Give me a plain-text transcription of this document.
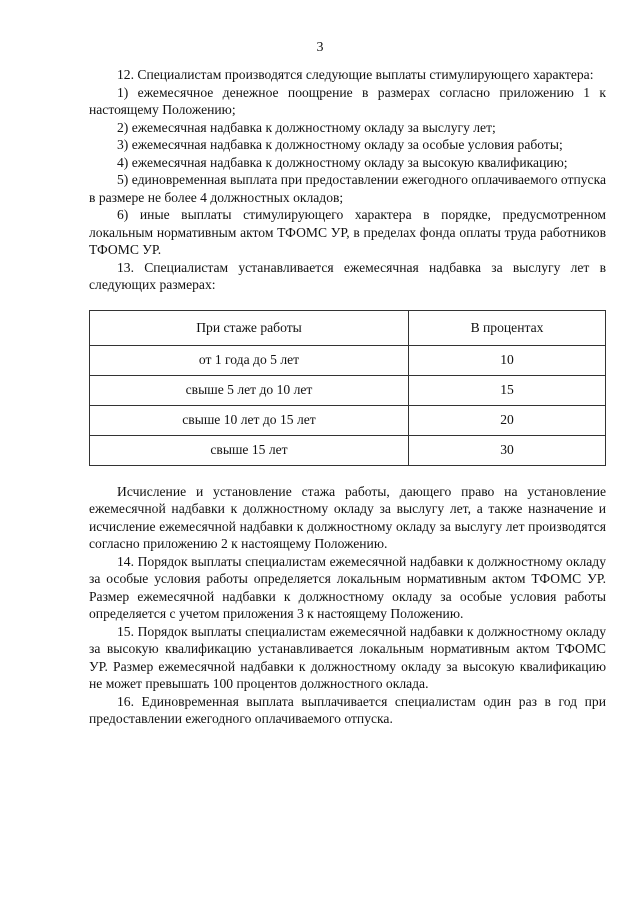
3

12. Специалистам производятся следующие выплаты стимулирующего характера:

1) ежемесячное денежное поощрение в размерах согласно приложению 1 к настоящему Положению;

2) ежемесячная надбавка к должностному окладу за выслугу лет;

3) ежемесячная надбавка к должностному окладу за особые условия работы;

4) ежемесячная надбавка к должностному окладу за высокую квалификацию;

5) единовременная выплата при предоставлении ежегодного оплачиваемого отпуска в размере не более 4 должностных окладов;

6) иные выплаты стимулирующего характера в порядке, предусмотренном локальным нормативным актом ТФОМС УР, в пределах фонда оплаты труда работников ТФОМС УР.

13. Специалистам устанавливается ежемесячная надбавка за выслугу лет в следующих размерах:

При стаже работы	В процентах
от 1 года до 5 лет	10
свыше 5 лет до 10 лет	15
свыше 10 лет до 15 лет	20
свыше 15 лет	30

Исчисление и установление стажа работы, дающего право на установление ежемесячной надбавки к должностному окладу за выслугу лет, а также назначение и исчисление ежемесячной надбавки к должностному окладу за выслугу лет производятся согласно приложению 2 к настоящему Положению.

14. Порядок выплаты специалистам ежемесячной надбавки к должностному окладу за особые условия работы определяется локальным нормативным актом ТФОМС УР. Размер ежемесячной надбавки к должностному окладу за особые условия работы определяется с учетом приложения 3 к настоящему Положению.

15. Порядок выплаты специалистам ежемесячной надбавки к должностному окладу за высокую квалификацию устанавливается локальным нормативным актом ТФОМС УР. Размер ежемесячной надбавки к должностному окладу за высокую квалификацию не может превышать 100 процентов должностного оклада.

16. Единовременная выплата выплачивается специалистам один раз в год при предоставлении ежегодного оплачиваемого отпуска.
